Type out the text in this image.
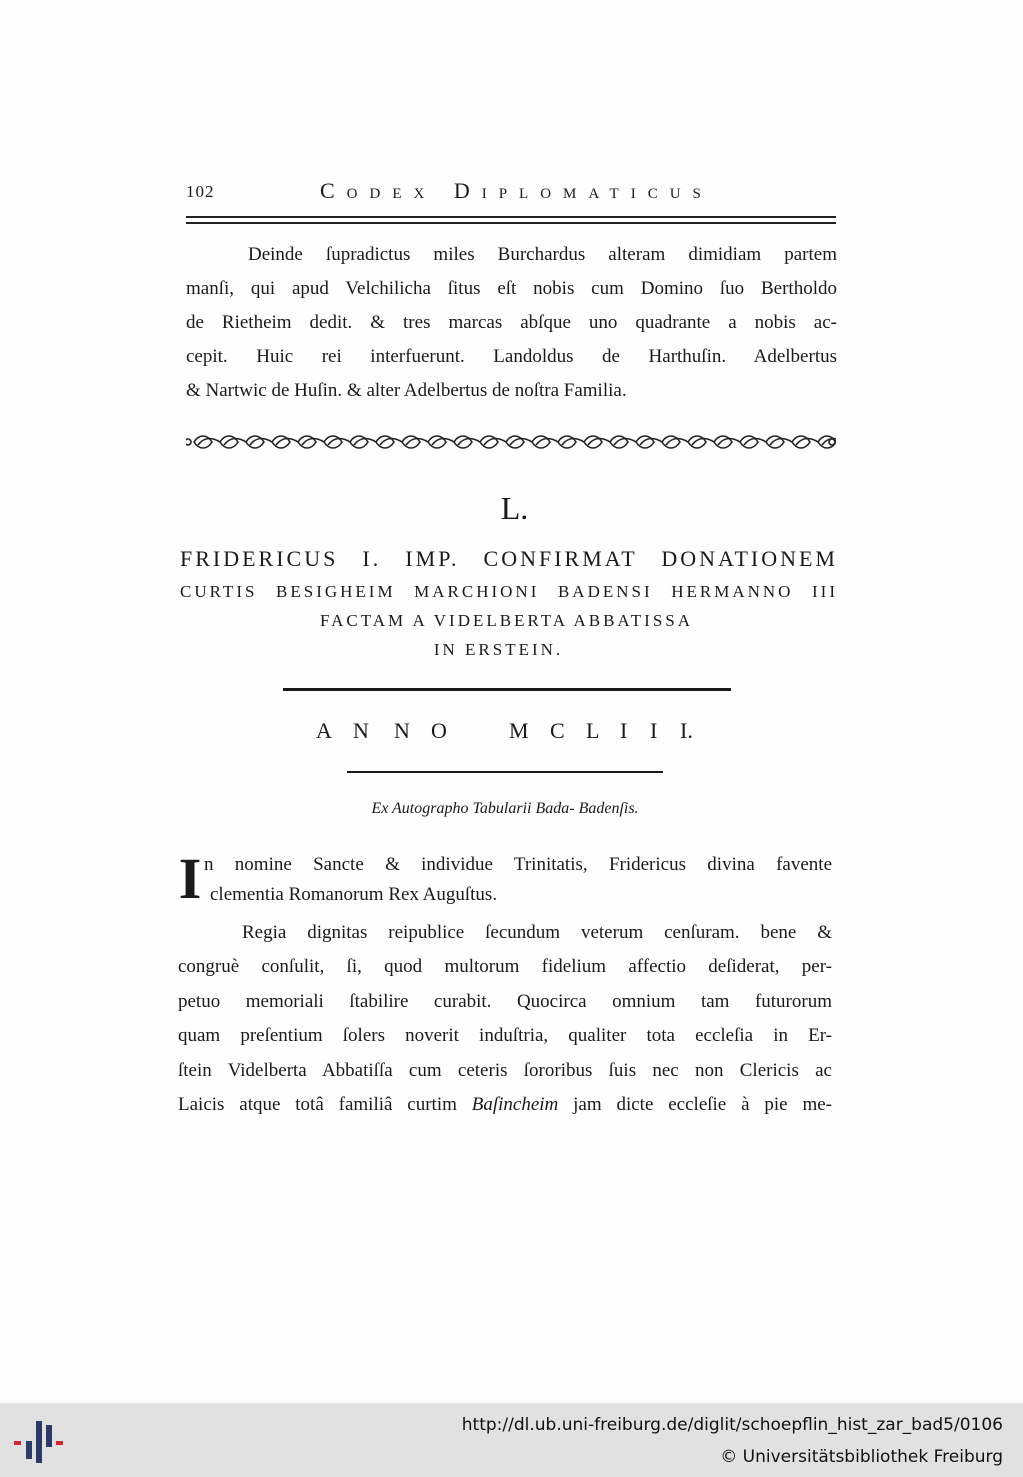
102	Codex Diplomaticus
Deinde ſupradictus miles Burchardus alteram dimidiam partem
manſi, qui apud Velchilicha ſitus eſt nobis cum Domino ſuo Bertholdo
de Rietheim dedit. & tres marcas abſque uno quadrante a nobis ac-
cepit. Huic rei interfuerunt. Landoldus de Harthuſin. Adelbertus
& Nartwic de Huſin. & alter Adelbertus de noſtra Familia.
L.
FRIDERICUS I. IMP. CONFIRMAT DONATIONEM
CURTIS BESIGHEIM MARCHIONI BADENSI HERMANNO III
FACTAM A VIDELBERTA ABBATISSA
IN ERSTEIN.
A N N O	M C L I I I.
Ex Autographo Tabularii Bada- Badenſis.
I n nomine Sancte & individue Trinitatis, Fridericus divina favente
clementia Romanorum Rex Auguſtus.
Regia dignitas reipublice ſecundum veterum cenſuram. bene &
congruè conſulit, ſi, quod multorum fidelium affectio deſiderat, per-
petuo memoriali ſtabilire curabit. Quocirca omnium tam futurorum
quam preſentium ſolers noverit induſtria, qualiter tota eccleſia in Er-
ſtein Videlberta Abbatiſſa cum ceteris ſororibus ſuis nec non Clericis ac
Laicis atque totâ familiâ curtim Baſincheim jam dicte eccleſie à pie me-
http://dl.ub.uni-freiburg.de/diglit/schoepflin_hist_zar_bad5/0106
© Universitätsbibliothek Freiburg
